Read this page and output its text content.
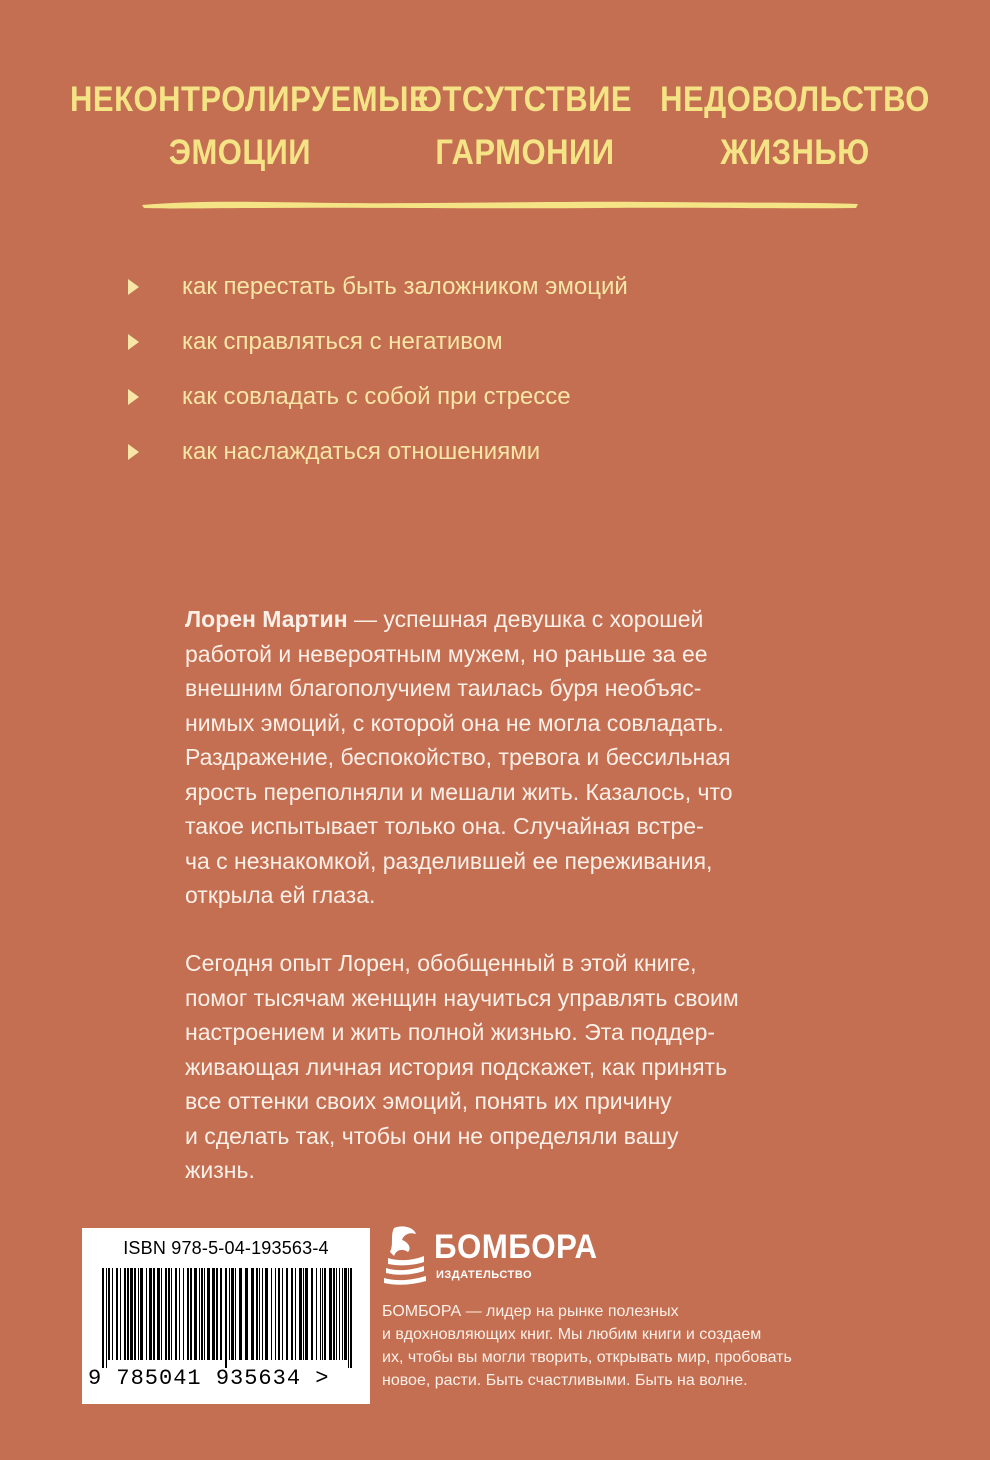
НЕКОНТРОЛИРУЕМЫЕ
ЭМОЦИИ
ОТСУТСТВИЕ
ГАРМОНИИ
НЕДОВОЛЬСТВО
ЖИЗНЬЮ
как перестать быть заложником эмоций
как справляться с негативом
как совладать с собой при стрессе
как наслаждаться отношениями

Лорен Мартин — успешная девушка с хорошей
работой и невероятным мужем, но раньше за ее
внешним благополучием таилась буря необъяс-
нимых эмоций, с которой она не могла совладать.
Раздражение, беспокойство, тревога и бессильная
ярость переполняли и мешали жить. Казалось, что
такое испытывает только она. Случайная встре-
ча с незнакомкой, разделившей ее переживания,
открыла ей глаза.

Сегодня опыт Лорен, обобщенный в этой книге,
помог тысячам женщин научиться управлять своим
настроением и жить полной жизнью. Эта поддер-
живающая личная история подскажет, как принять
все оттенки своих эмоций, понять их причину
и сделать так, чтобы они не определяли вашу
жизнь.

ISBN 978-5-04-193563-4
9 785041 935634 >
БОМБОРА
ИЗДАТЕЛЬСТВО

БОМБОРА — лидер на рынке полезных
и вдохновляющих книг. Мы любим книги и создаем
их, чтобы вы могли творить, открывать мир, пробовать
новое, расти. Быть счастливыми. Быть на волне.
